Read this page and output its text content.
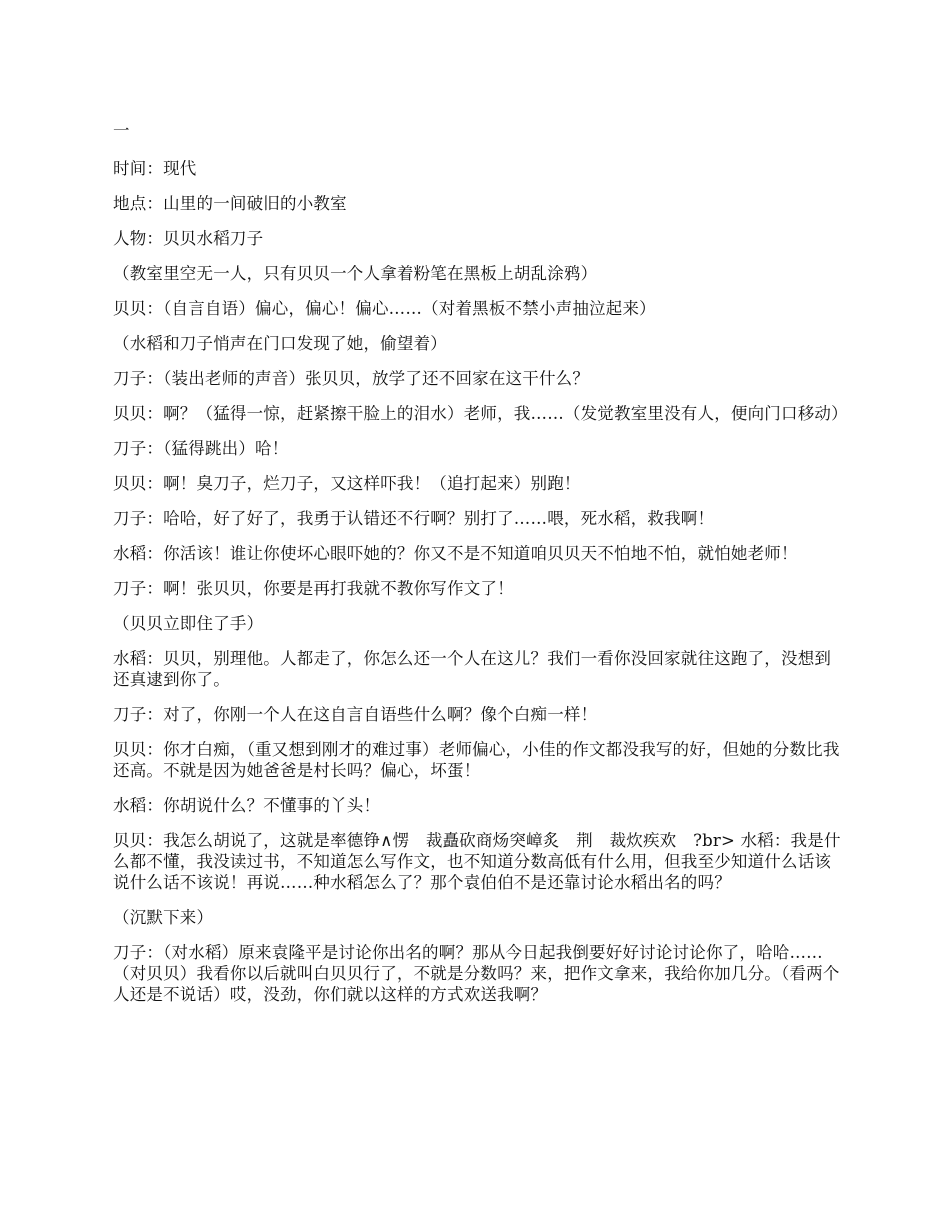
一

时间：现代

地点：山里的一间破旧的小教室

人物：贝贝水稻刀子

（教室里空无一人，只有贝贝一个人拿着粉笔在黑板上胡乱涂鸦）

贝贝：（自言自语）偏心，偏心！偏心……（对着黑板不禁小声抽泣起来）

（水稻和刀子悄声在门口发现了她，偷望着）

刀子：（装出老师的声音）张贝贝，放学了还不回家在这干什么？

贝贝：啊？（猛得一惊，赶紧擦干脸上的泪水）老师，我……（发觉教室里没有人，便向门口移动）

刀子：（猛得跳出）哈！

贝贝：啊！臭刀子，烂刀子，又这样吓我！（追打起来）别跑！

刀子：哈哈，好了好了，我勇于认错还不行啊？别打了……喂，死水稻，救我啊！

水稻：你活该！谁让你使坏心眼吓她的？你又不是不知道咱贝贝天不怕地不怕，就怕她老师！

刀子：啊！张贝贝，你要是再打我就不教你写作文了！

（贝贝立即住了手）

水稻：贝贝，别理他。人都走了，你怎么还一个人在这儿？我们一看你没回家就往这跑了，没想到还真逮到你了。

刀子：对了，你刚一个人在这自言自语些什么啊？像个白痴一样！

贝贝：你才白痴，（重又想到刚才的难过事）老师偏心，小佳的作文都没我写的好，但她的分数比我还高。不就是因为她爸爸是村长吗？偏心，坏蛋！

水稻：你胡说什么？不懂事的丫头！

贝贝：我怎么胡说了，这就是率德铮∧愣　裁矗砍商炀突嶂炙　荆　裁炊疾欢　?br> 水稻：我是什么都不懂，我没读过书，不知道怎么写作文，也不知道分数高低有什么用，但我至少知道什么话该说什么话不该说！再说……种水稻怎么了？那个袁伯伯不是还靠讨论水稻出名的吗？

（沉默下来）

刀子：（对水稻）原来袁隆平是讨论你出名的啊？那从今日起我倒要好好讨论讨论你了，哈哈……（对贝贝）我看你以后就叫白贝贝行了，不就是分数吗？来，把作文拿来，我给你加几分。（看两个人还是不说话）哎，没劲，你们就以这样的方式欢送我啊？
